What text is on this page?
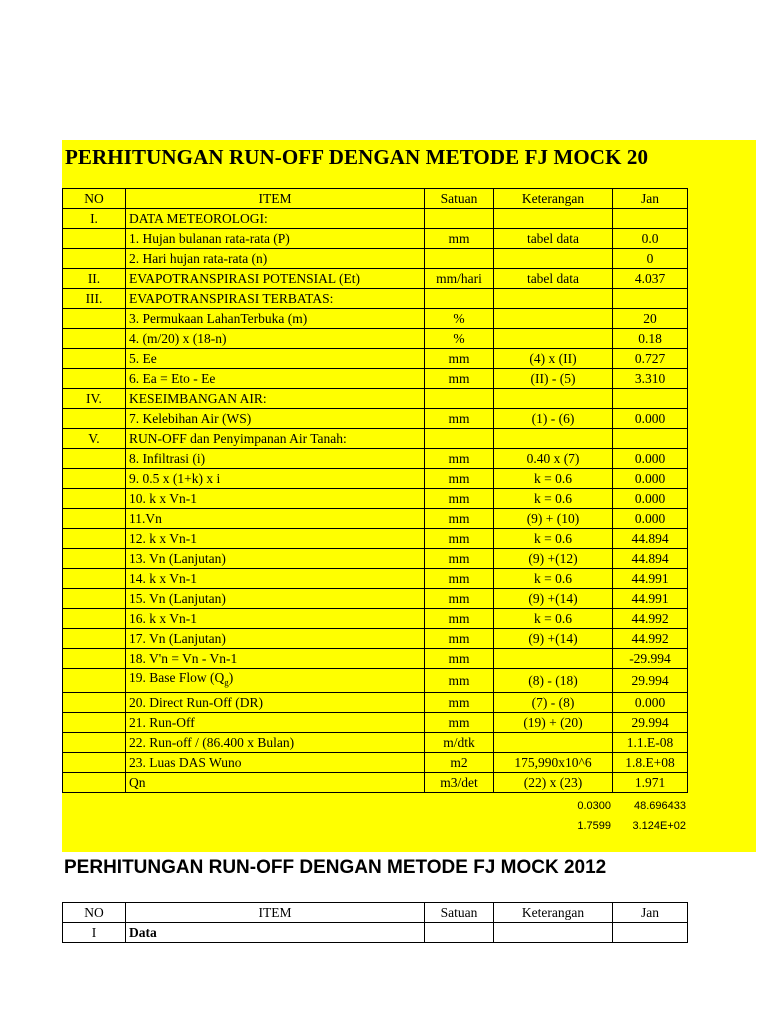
PERHITUNGAN RUN-OFF DENGAN METODE FJ MOCK 20
NO	ITEM	Satuan	Keterangan	Jan
I.	DATA METEOROLOGI:			
	1. Hujan bulanan rata-rata (P)	mm	tabel data	0.0
	2. Hari hujan rata-rata (n)			0
II.	EVAPOTRANSPIRASI POTENSIAL (Et)	mm/hari	tabel data	4.037
III.	EVAPOTRANSPIRASI TERBATAS:			
	3. Permukaan LahanTerbuka (m)	%		20
	4. (m/20) x (18-n)	%		0.18
	5. Ee	mm	(4) x (II)	0.727
	6. Ea = Eto - Ee	mm	(II) - (5)	3.310
IV.	KESEIMBANGAN AIR:			
	7. Kelebihan Air (WS)	mm	(1) - (6)	0.000
V.	RUN-OFF dan Penyimpanan Air Tanah:			
	8. Infiltrasi (i)	mm	0.40 x (7)	0.000
	9. 0.5 x (1+k) x i	mm	k = 0.6	0.000
	10. k x Vn-1	mm	k = 0.6	0.000
	11.Vn	mm	(9) + (10)	0.000
	12. k x Vn-1	mm	k = 0.6	44.894
	13. Vn (Lanjutan)	mm	(9) +(12)	44.894
	14. k x Vn-1	mm	k = 0.6	44.991
	15. Vn (Lanjutan)	mm	(9) +(14)	44.991
	16. k x Vn-1	mm	k = 0.6	44.992
	17. Vn (Lanjutan)	mm	(9) +(14)	44.992
	18. V'n = Vn - Vn-1	mm		-29.994
	19. Base Flow $(Q_g)$	mm	(8) - (18)	29.994
	20. Direct Run-Off (DR)	mm	(7) - (8)	0.000
	21. Run-Off	mm	(19) + (20)	29.994
	22. Run-off / (86.400 x Bulan)	m/dtk		1.1.E-08
	23. Luas DAS Wuno	m2	175,990x10^6	1.8.E+08
	Qn	m3/det	(22) x (23)	1.971
0.0300	48.696433
1.7599	3.124E+02
PERHITUNGAN RUN-OFF DENGAN METODE FJ MOCK 2012
NO	ITEM	Satuan	Keterangan	Jan
I	Data			
